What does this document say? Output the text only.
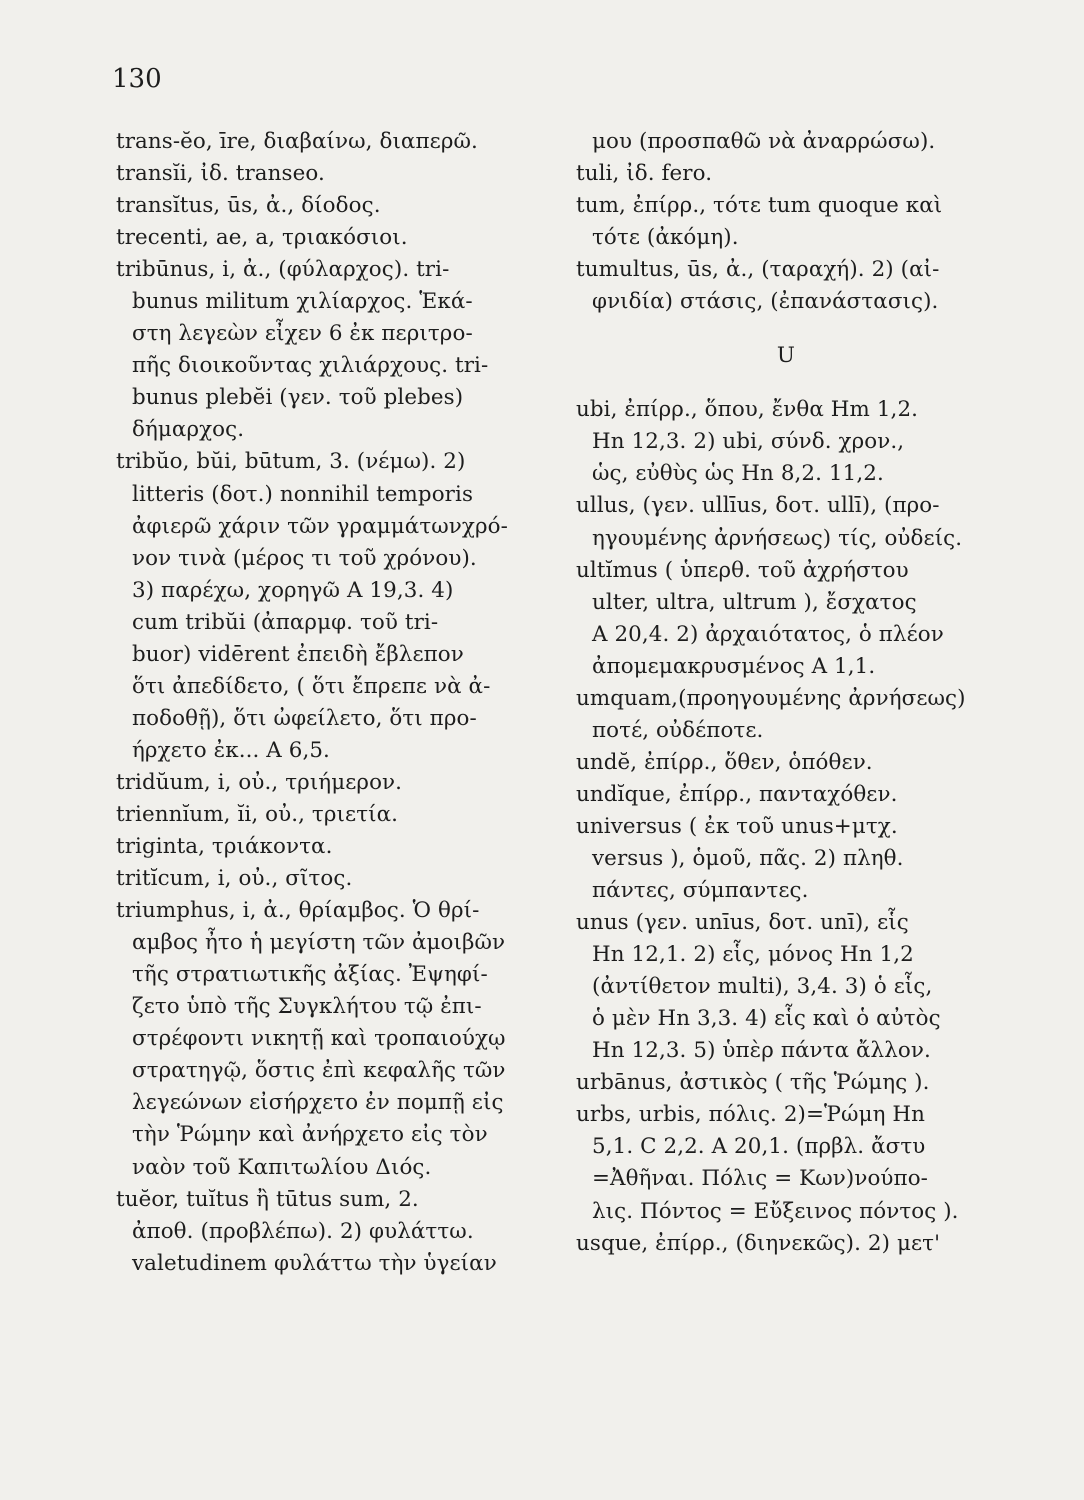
130
trans-ĕo, īre, διαβαίνω, διαπερῶ.
transĭi, ἰδ. transeo.
transĭtus, ūs, ἀ., δίοδος.
trecenti, ae, a, τριακόσιοι.
tribūnus, i, ἀ., (φύλαρχος). tri-
bunus militum χιλίαρχος. Ἑκά-
στη λεγεὼν εἶχεν 6 ἐκ περιτρο-
πῆς διοικοῦντας χιλιάρχους. tri-
bunus plebĕi (γεν. τοῦ plebes)
δήμαρχος.
tribŭo, bŭi, būtum, 3. (νέμω). 2)
litteris (δοτ.) nonnihil temporis
ἀφιερῶ χάριν τῶν γραμμάτωνχρό-
νον τινὰ (μέρος τι τοῦ χρόνου).
3) παρέχω, χορηγῶ A 19,3. 4)
cum tribŭi (ἀπαρμφ. τοῦ tri-
buor) vidērent ἐπειδὴ ἔβλεπον
ὅτι ἀπεδίδετο, ( ὅτι ἔπρεπε νὰ ἀ-
ποδοθῇ), ὅτι ὠφείλετο, ὅτι προ-
ήρχετο ἐκ... A 6,5.
tridŭum, i, οὐ., τριήμερον.
triennĭum, ĭi, οὐ., τριετία.
triginta, τριάκοντα.
tritĭcum, i, οὐ., σῖτος.
triumphus, i, ἀ., θρίαμβος. Ὁ θρί-
αμβος ἦτο ἡ μεγίστη τῶν ἀμοιβῶν
τῆς στρατιωτικῆς ἀξίας. Ἐψηφί-
ζετο ὑπὸ τῆς Συγκλήτου τῷ ἐπι-
στρέφοντι νικητῇ καὶ τροπαιούχῳ
στρατηγῷ, ὅστις ἐπὶ κεφαλῆς τῶν
λεγεώνων εἰσήρχετο ἐν πομπῇ εἰς
τὴν Ῥώμην καὶ ἀνήρχετο εἰς τὸν
ναὸν τοῦ Καπιτωλίου Διός.
tuĕor, tuĭtus ἢ tūtus sum, 2.
ἀποθ. (προβλέπω). 2) φυλάττω.
valetudinem φυλάττω τὴν ὑγείαν
μου (προσπαθῶ νὰ ἀναρρώσω).
tuli, ἰδ. fero.
tum, ἐπίρρ., τότε tum quoque καὶ
τότε (ἀκόμη).
tumultus, ūs, ἀ., (ταραχή). 2) (αἰ-
φνιδία) στάσις, (ἐπανάστασις).
U
ubi, ἐπίρρ., ὅπου, ἔνθα Hm 1,2.
Hn 12,3. 2) ubi, σύνδ. χρον.,
ὡς, εὐθὺς ὡς Hn 8,2. 11,2.
ullus, (γεν. ullīus, δοτ. ullī), (προ-
ηγουμένης ἀρνήσεως) τίς, οὐδείς.
ultĭmus ( ὑπερθ. τοῦ ἀχρήστου
ulter, ultra, ultrum ), ἔσχατος
A 20,4. 2) ἀρχαιότατος, ὁ πλέον
ἀπομεμακρυσμένος A 1,1.
umquam,(προηγουμένης ἀρνήσεως)
ποτέ, οὐδέποτε.
undĕ, ἐπίρρ., ὅθεν, ὁπόθεν.
undĭque, ἐπίρρ., πανταχόθεν.
universus ( ἐκ τοῦ unus+μτχ.
versus ), ὁμοῦ, πᾶς. 2) πληθ.
πάντες, σύμπαντες.
unus (γεν. unīus, δοτ. unī), εἷς
Hn 12,1. 2) εἷς, μόνος Hn 1,2
(ἀντίθετον multi), 3,4. 3) ὁ εἷς,
ὁ μὲν Hn 3,3. 4) εἷς καὶ ὁ αὐτὸς
Hn 12,3. 5) ὑπὲρ πάντα ἄλλον.
urbānus, ἀστικὸς ( τῆς Ῥώμης ).
urbs, urbis, πόλις. 2)=Ῥώμη Hn
5,1. C 2,2. A 20,1. (πρβλ. ἄστυ
=Ἀθῆναι. Πόλις = Κων)νούπο-
λις. Πόντος = Εὔξεινος πόντος ).
usque, ἐπίρρ., (διηνεκῶς). 2) μετ'
